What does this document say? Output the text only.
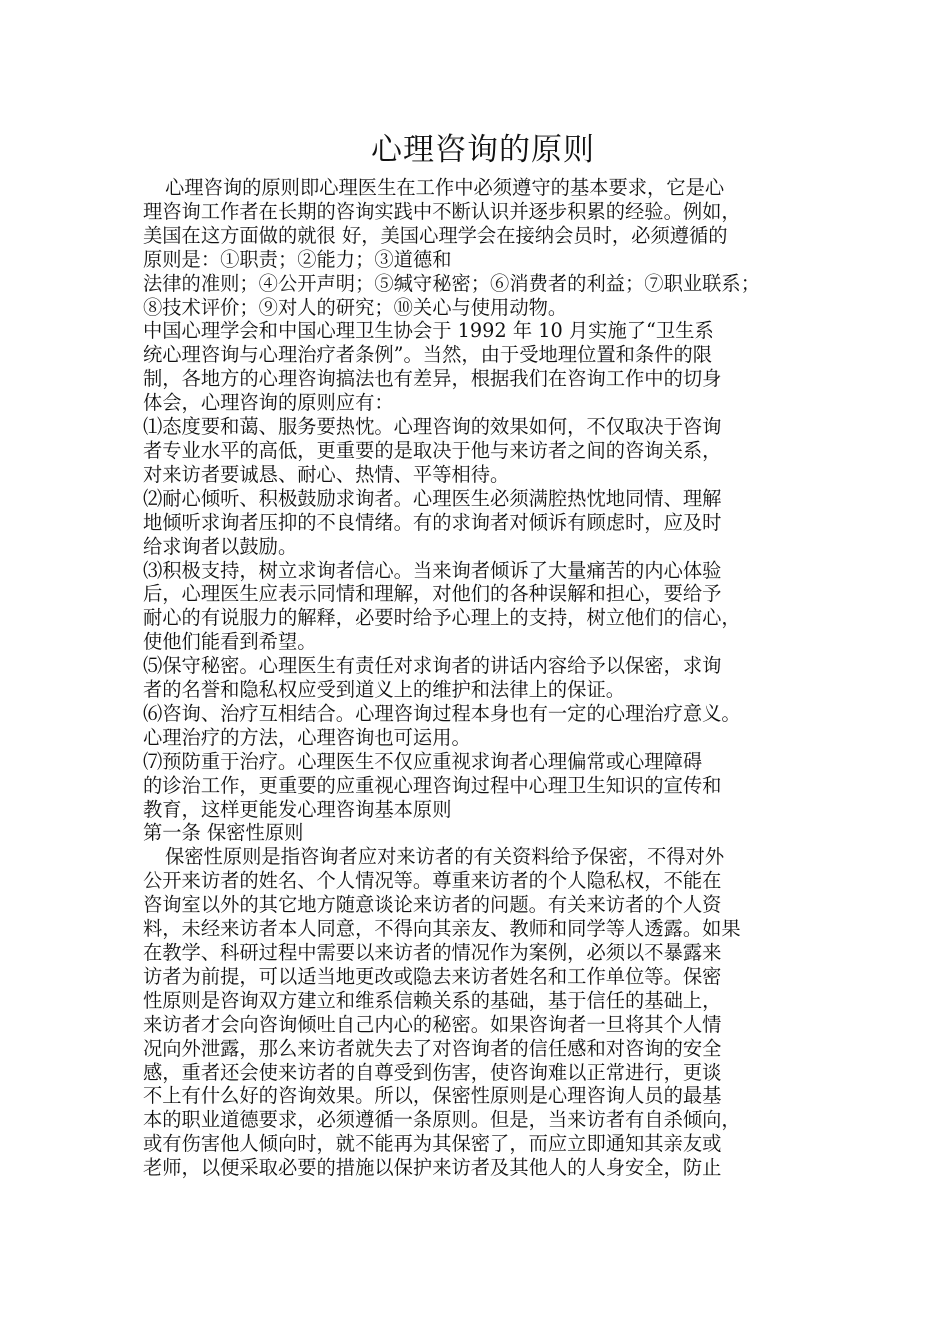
心理咨询的原则
心理咨询的原则即心理医生在工作中必须遵守的基本要求，它是心
理咨询工作者在长期的咨询实践中不断认识并逐步积累的经验。例如，
美国在这方面做的就很 好，美国心理学会在接纳会员时，必须遵循的
原则是：①职责；②能力；③道德和
法律的准则；④公开声明；⑤缄守秘密；⑥消费者的利益；⑦职业联系；
⑧技术评价；⑨对人的研究；⑩关心与使用动物。
中国心理学会和中国心理卫生协会于 1992 年 10 月实施了“卫生系
统心理咨询与心理治疗者条例”。当然，由于受地理位置和条件的限
制，各地方的心理咨询搞法也有差异，根据我们在咨询工作中的切身
体会，心理咨询的原则应有：
⑴态度要和蔼、服务要热忱。心理咨询的效果如何，不仅取决于咨询
者专业水平的高低，更重要的是取决于他与来访者之间的咨询关系，
对来访者要诚恳、耐心、热情、平等相待。
⑵耐心倾听、积极鼓励求询者。心理医生必须满腔热忱地同情、理解
地倾听求询者压抑的不良情绪。有的求询者对倾诉有顾虑时，应及时
给求询者以鼓励。
⑶积极支持，树立求询者信心。当来询者倾诉了大量痛苦的内心体验
后，心理医生应表示同情和理解，对他们的各种误解和担心，要给予
耐心的有说服力的解释，必要时给予心理上的支持，树立他们的信心，
使他们能看到希望。
⑸保守秘密。心理医生有责任对求询者的讲话内容给予以保密，求询
者的名誉和隐私权应受到道义上的维护和法律上的保证。
⑹咨询、治疗互相结合。心理咨询过程本身也有一定的心理治疗意义。
心理治疗的方法，心理咨询也可运用。
⑺预防重于治疗。心理医生不仅应重视求询者心理偏常或心理障碍
的诊治工作，更重要的应重视心理咨询过程中心理卫生知识的宣传和
教育，这样更能发心理咨询基本原则
第一条 保密性原则
保密性原则是指咨询者应对来访者的有关资料给予保密，不得对外
公开来访者的姓名、个人情况等。尊重来访者的个人隐私权，不能在
咨询室以外的其它地方随意谈论来访者的问题。有关来访者的个人资
料，未经来访者本人同意，不得向其亲友、教师和同学等人透露。如果
在教学、科研过程中需要以来访者的情况作为案例，必须以不暴露来
访者为前提，可以适当地更改或隐去来访者姓名和工作单位等。保密
性原则是咨询双方建立和维系信赖关系的基础，基于信任的基础上，
来访者才会向咨询倾吐自己内心的秘密。如果咨询者一旦将其个人情
况向外泄露，那么来访者就失去了对咨询者的信任感和对咨询的安全
感，重者还会使来访者的自尊受到伤害，使咨询难以正常进行，更谈
不上有什么好的咨询效果。所以，保密性原则是心理咨询人员的最基
本的职业道德要求，必须遵循一条原则。但是，当来访者有自杀倾向，
或有伤害他人倾向时，就不能再为其保密了，而应立即通知其亲友或
老师，以便采取必要的措施以保护来访者及其他人的人身安全，防止
